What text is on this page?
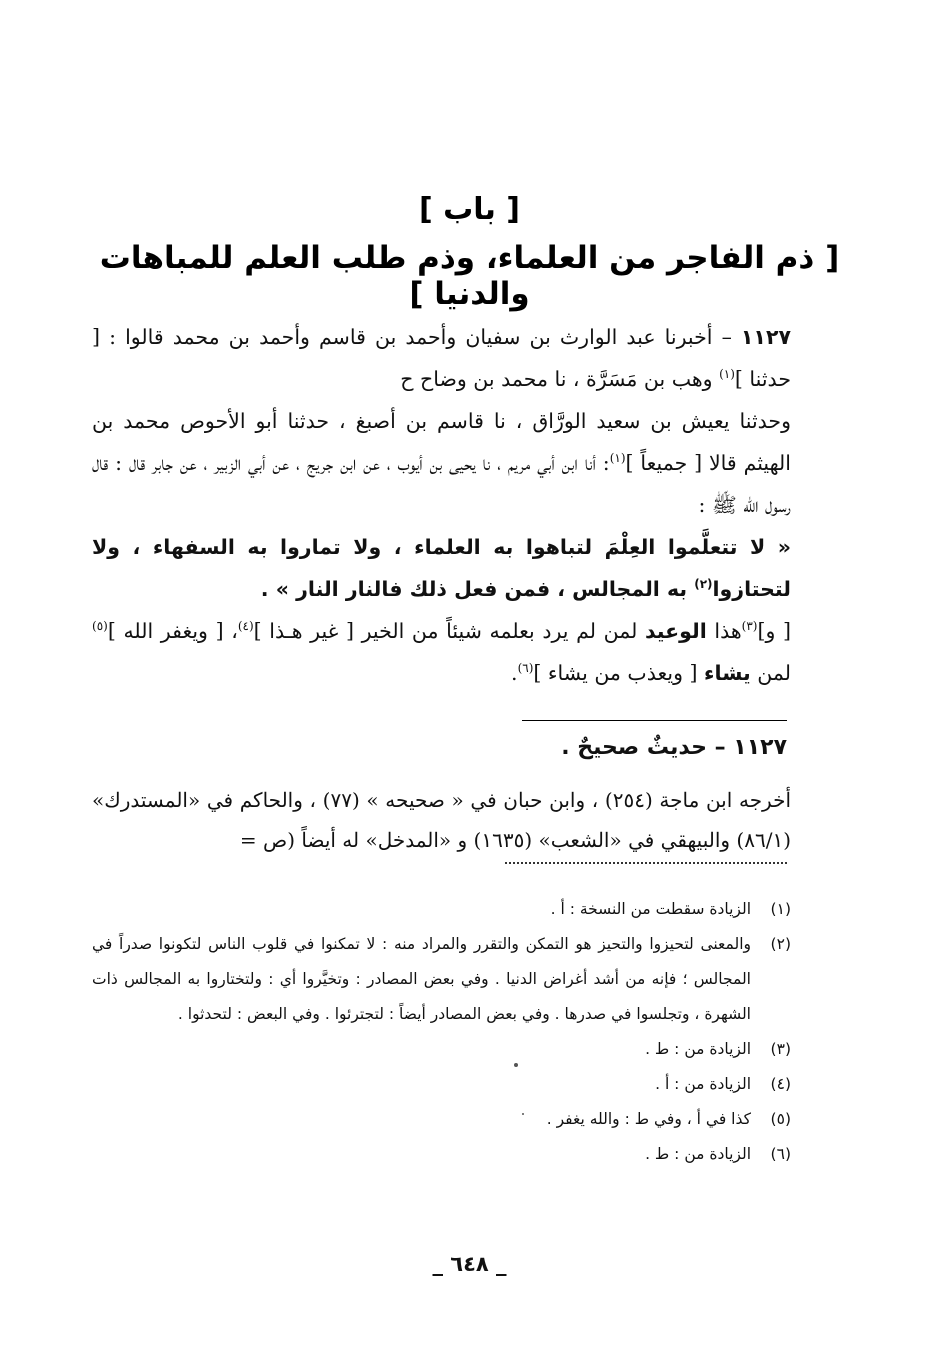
[ باب ]
[ ذم الفاجر من العلماء، وذم طلب العلم للمباهات والدنيا ]

١١٢٧ – أخبرنا عبد الوارث بن سفيان وأحمد بن قاسم وأحمد بن محمد قالوا : [ حدثنا ]$^{(١)}$ وهب بن مَسَرَّة ، نا محمد بن وضاح ح

وحدثنا يعيش بن سعيد الورَّاق ، نا قاسم بن أصبغ ، حدثنا أبو الأحوص محمد بن الهيثم قالا [ جميعاً ]$^{(١)}$: أنا ابن أبي مريم ، نا يحيى بن أيوب ، عن ابن جريج ، عن أبي الزبير ، عن جابر قال : قال رسول الله ﷺ :

« لا تتعلَّموا العِلْمَ لتباهوا به العلماء ، ولا تماروا به السفهاء ، ولا لتحتازوا$^{(٢)}$ به المجالس ، فمن فعل ذلك فالنار النار » .

[ و]$^{(٣)}$هذا الوعيد لمن لم يرد بعلمه شيئاً من الخير [ غير هـذا ]$^{(٤)}$، [ ويغفر الله ]$^{(٥)}$ لمن يشاء [ ويعذب من يشاء ]$^{(٦)}$.

١١٢٧ – حديثٌ صحيحٌ .
أخرجه ابن ماجة (٢٥٤) ، وابن حبان في « صحيحه » (٧٧) ، والحاكم في «المستدرك» (٨٦/١) والبيهقي في «الشعب» (١٦٣٥) و «المدخل» له أيضاً (ص =
(١)
الزيادة سقطت من النسخة : أ .
(٢)
والمعنى لتحيزوا والتحيز هو التمكن والتقرر والمراد منه : لا تمكنوا في قلوب الناس لتكونوا صدراً في المجالس ؛ فإنه من أشد أغراض الدنيا . وفي بعض المصادر : وتخيَّروا أي : ولتختاروا به المجالس ذات الشهرة ، وتجلسوا في صدرها . وفي بعض المصادر أيضاً : لتجترئوا . وفي البعض : لتحدثوا .
(٣)
الزيادة من : ط .
(٤)
الزيادة من : أ .
(٥)
كذا في أ ، وفي ط : والله يغفر .
(٦)
الزيادة من : ط .
_ ٦٤٨ _
